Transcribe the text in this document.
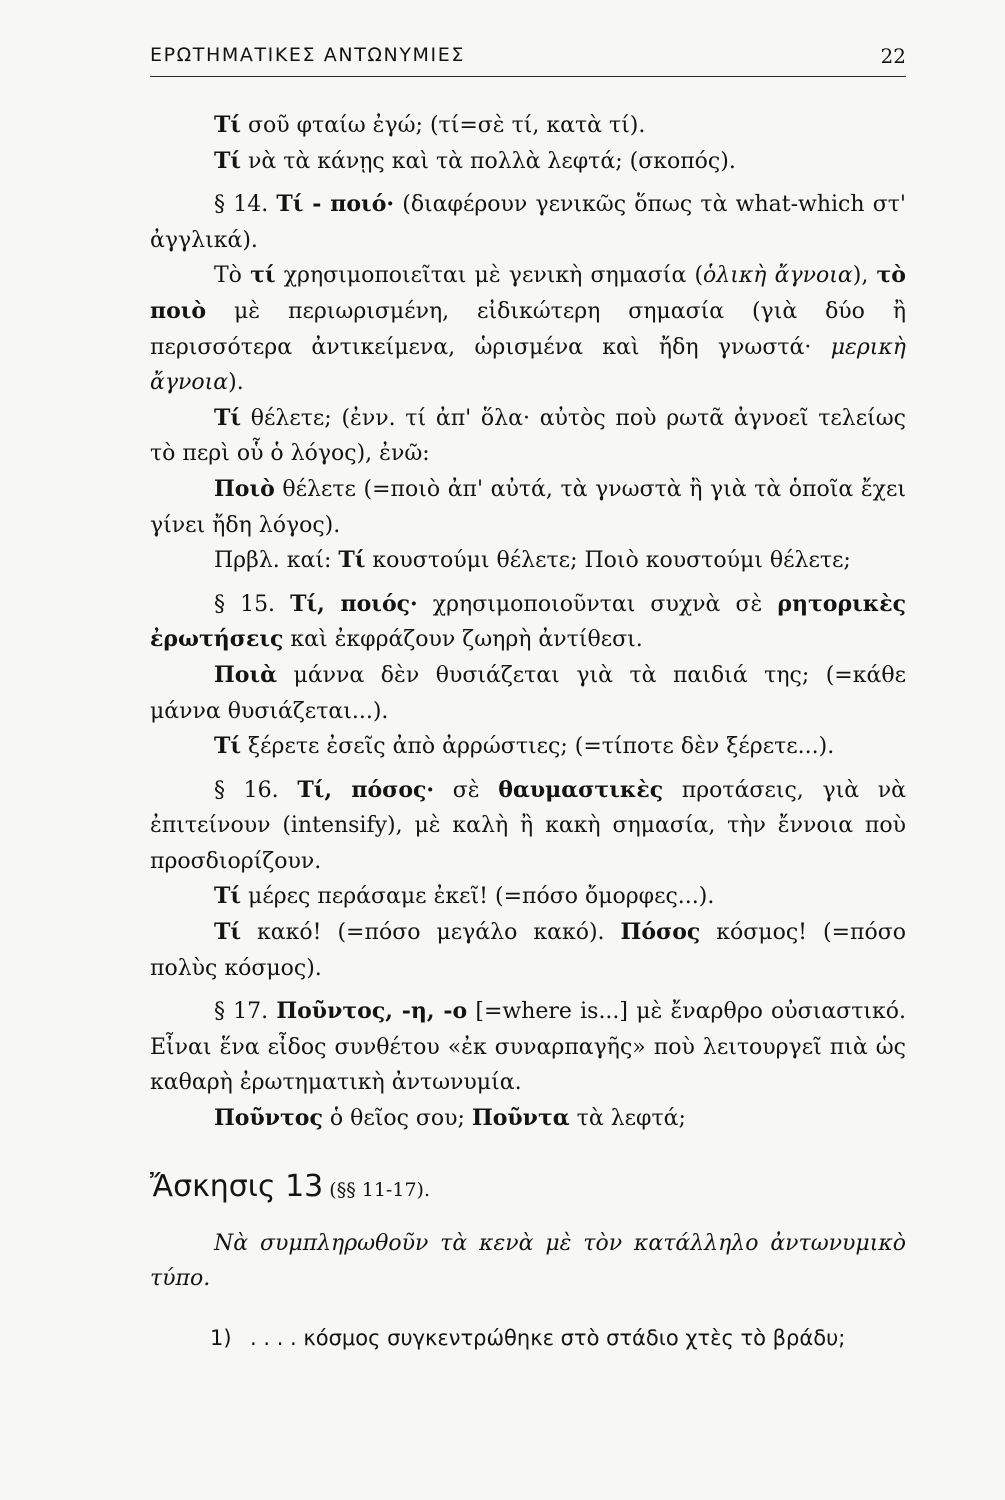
ΕΡΩΤΗΜΑΤΙΚΕΣ ΑΝΤΩΝΥΜΙΕΣ	22

Τί σοῦ φταίω ἐγώ; (τί=σὲ τί, κατὰ τί).

Τί νὰ τὰ κάνῃς καὶ τὰ πολλὰ λεφτά; (σκοπός).

§ 14. Τί - ποιό· (διαφέρουν γενικῶς ὅπως τὰ what-which στ' ἀγγλικά).

Τὸ τί χρησιμοποιεῖται μὲ γενικὴ σημασία (ὁλικὴ ἄγνοια), τὸ ποιὸ μὲ περιωρισμένη, εἰδικώτερη σημασία (γιὰ δύο ἢ περισσότερα ἀντικείμενα, ὡρισμένα καὶ ἤδη γνωστά· μερικὴ ἄγνοια).

Τί θέλετε; (ἐνν. τί ἀπ' ὅλα· αὐτὸς ποὺ ρωτᾶ ἀγνοεῖ τελείως τὸ περὶ οὗ ὁ λόγος), ἐνῶ:

Ποιὸ θέλετε (=ποιὸ ἀπ' αὐτά, τὰ γνωστὰ ἢ γιὰ τὰ ὁποῖα ἔχει γίνει ἤδη λόγος).

Πρβλ. καί: Τί κουστούμι θέλετε; Ποιὸ κουστούμι θέλετε;

§ 15. Τί, ποιός· χρησιμοποιοῦνται συχνὰ σὲ ρητορικὲς ἐρωτήσεις καὶ ἐκφράζουν ζωηρὴ ἀντίθεσι.

Ποιὰ μάννα δὲν θυσιάζεται γιὰ τὰ παιδιά της; (=κάθε μάννα θυσιάζεται...).

Τί ξέρετε ἐσεῖς ἀπὸ ἀρρώστιες; (=τίποτε δὲν ξέρετε...).

§ 16. Τί, πόσος· σὲ θαυμαστικὲς προτάσεις, γιὰ νὰ ἐπιτείνουν (intensify), μὲ καλὴ ἢ κακὴ σημασία, τὴν ἔννοια ποὺ προσδιορίζουν.

Τί μέρες περάσαμε ἐκεῖ! (=πόσο ὄμορφες...).

Τί κακό! (=πόσο μεγάλο κακό). Πόσος κόσμος! (=πόσο πολὺς κόσμος).

§ 17. Ποῦντος, -η, -ο [=where is...] μὲ ἔναρθρο οὐσιαστικό. Εἶναι ἕνα εἶδος συνθέτου «ἐκ συναρπαγῆς» ποὺ λειτουργεῖ πιὰ ὡς καθαρὴ ἐρωτηματικὴ ἀντωνυμία.

Ποῦντος ὁ θεῖος σου; Ποῦντα τὰ λεφτά;

Ἄσκησις 13 (§§ 11-17).

Νὰ συμπληρωθοῦν τὰ κενὰ μὲ τὸν κατάλληλο ἀντωνυμικὸ τύπο.

1) . . . . κόσμος συγκεντρώθηκε στὸ στάδιο χτὲς τὸ βράδυ;
